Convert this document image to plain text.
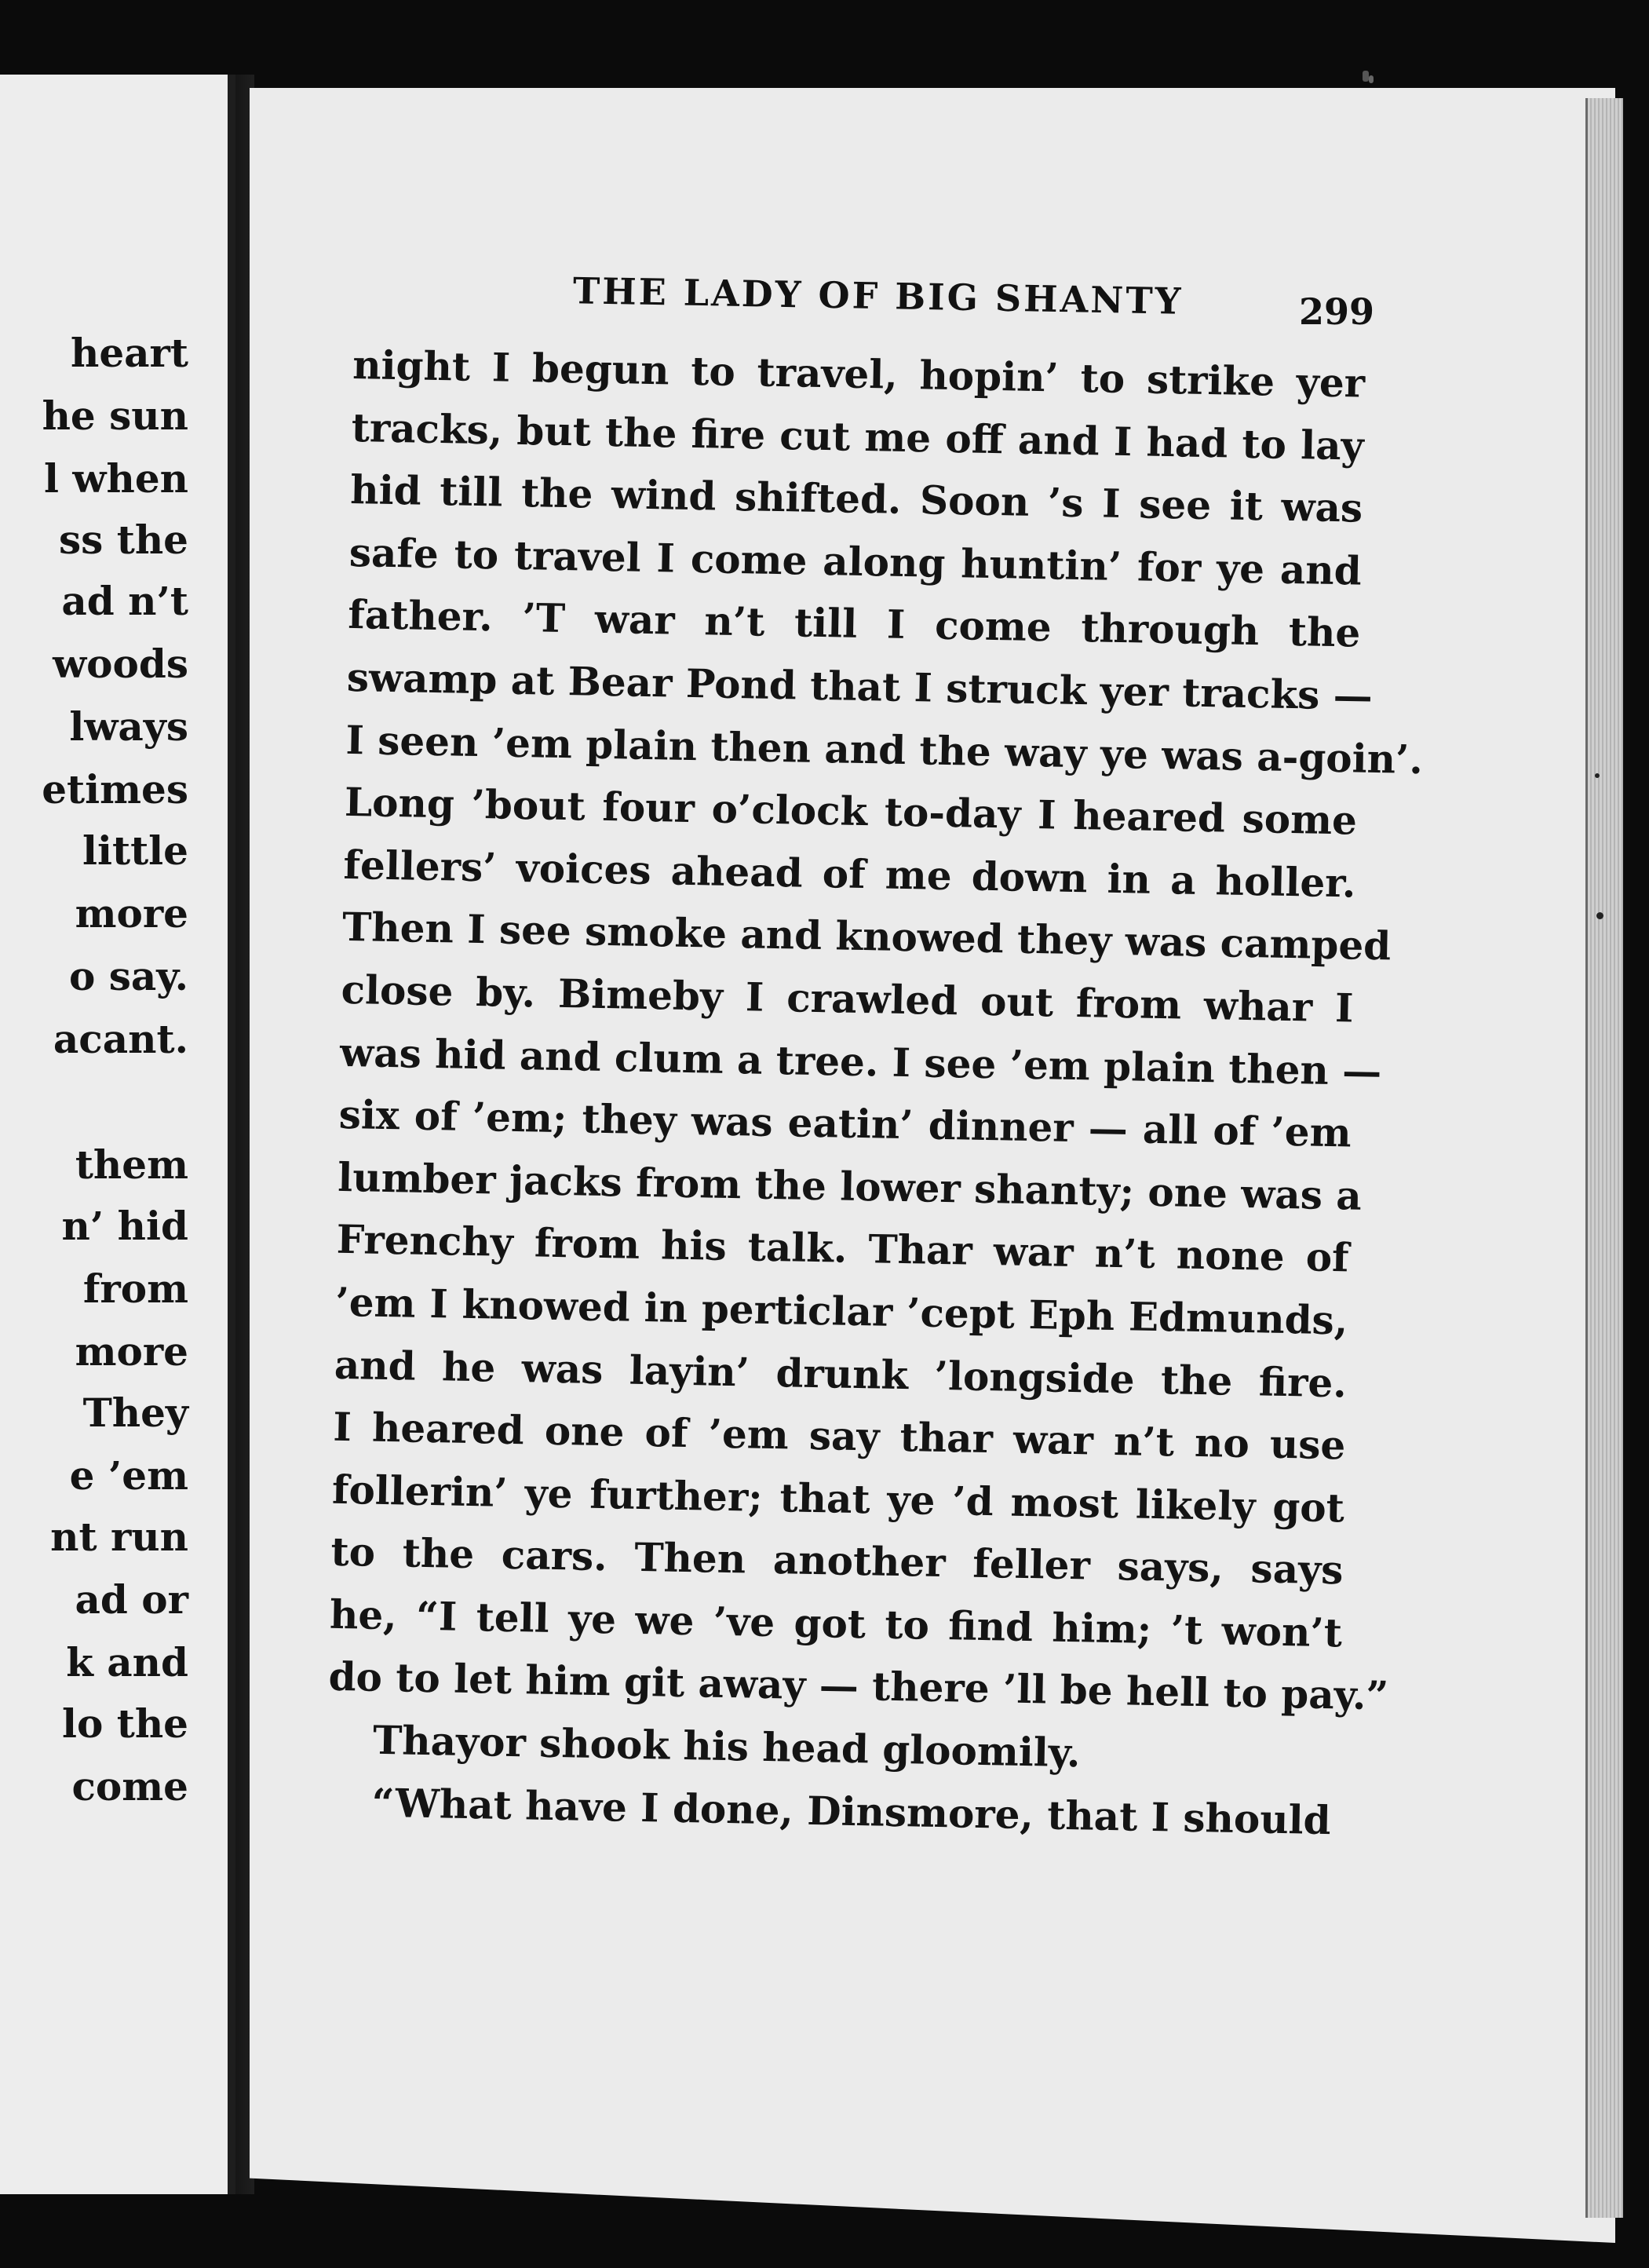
heart
he sun
l when
ss the
ad n’t
woods
lways
etimes
little
more
o say.
acant.
them
n’ hid
from
more
They
e ’em
nt run
ad or
k and
lo the
come
THE LADY OF BIG SHANTY	299
night I begun to travel, hopin’ to strike yer
tracks, but the fire cut me off and I had to lay
hid till the wind shifted. Soon ’s I see it was
safe to travel I come along huntin’ for ye and
father. ’T war n’t till I come through the
swamp at Bear Pond that I struck yer tracks —
I seen ’em plain then and the way ye was a-goin’.
Long ’bout four o’clock to-day I heared some
fellers’ voices ahead of me down in a holler.
Then I see smoke and knowed they was camped
close by. Bimeby I crawled out from whar I
was hid and clum a tree. I see ’em plain then —
six of ’em; they was eatin’ dinner — all of ’em
lumber jacks from the lower shanty; one was a
Frenchy from his talk. Thar war n’t none of
’em I knowed in perticlar ’cept Eph Edmunds,
and he was layin’ drunk ’longside the fire.
I heared one of ’em say thar war n’t no use
follerin’ ye further; that ye ’d most likely got
to the cars. Then another feller says, says
he, “I tell ye we ’ve got to find him; ’t won’t
do to let him git away — there ’ll be hell to pay.”
Thayor shook his head gloomily.
“What have I done, Dinsmore, that I should
